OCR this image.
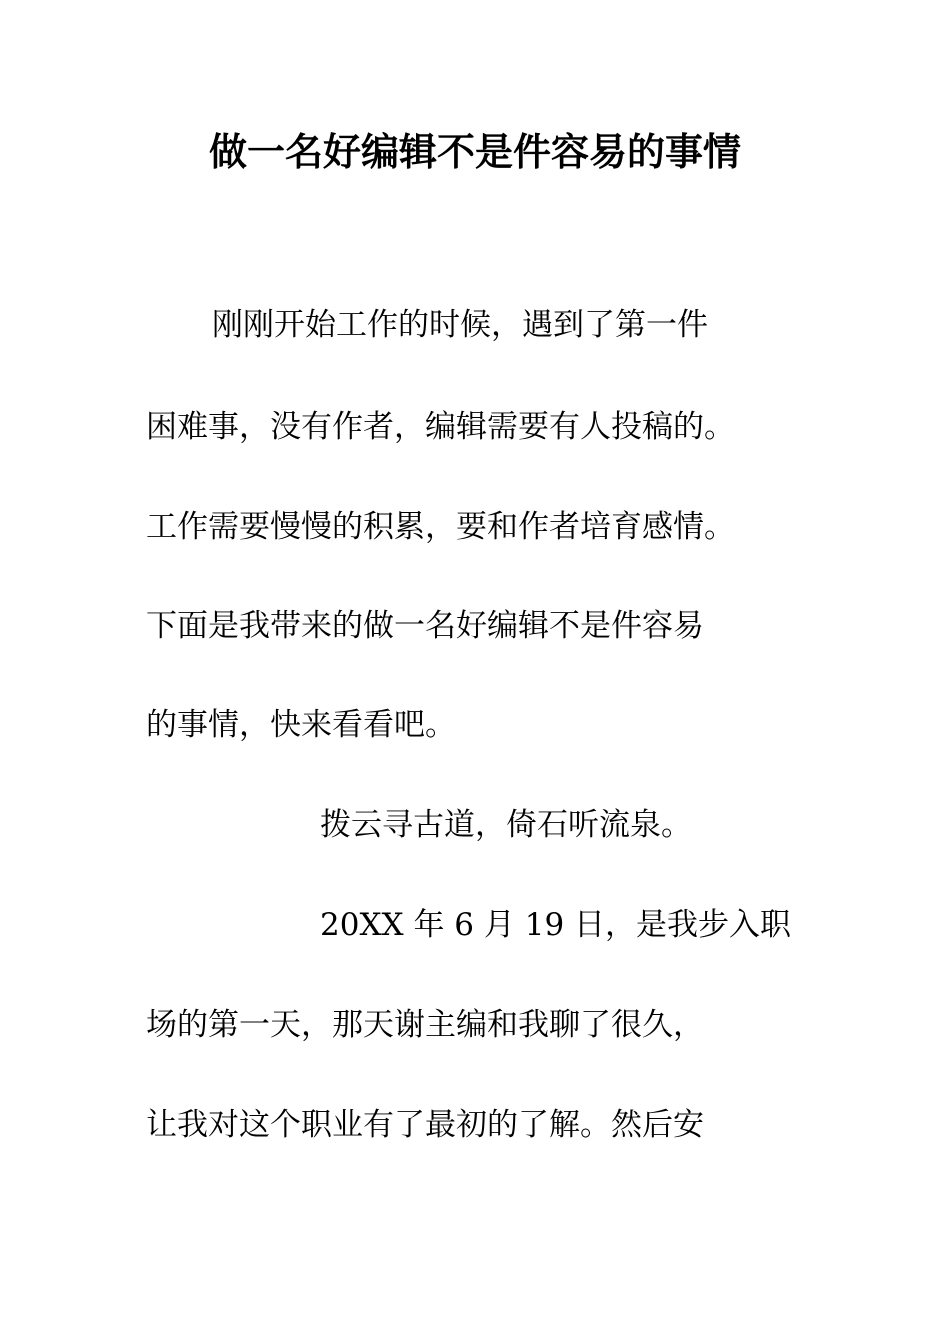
做一名好编辑不是件容易的事情

刚刚开始工作的时候，遇到了第一件

困难事，没有作者，编辑需要有人投稿的。

工作需要慢慢的积累，要和作者培育感情。

下面是我带来的做一名好编辑不是件容易

的事情，快来看看吧。

拨云寻古道，倚石听流泉。

20XX 年 6 月 19 日，是我步入职

场的第一天，那天谢主编和我聊了很久，

让我对这个职业有了最初的了解。然后安
